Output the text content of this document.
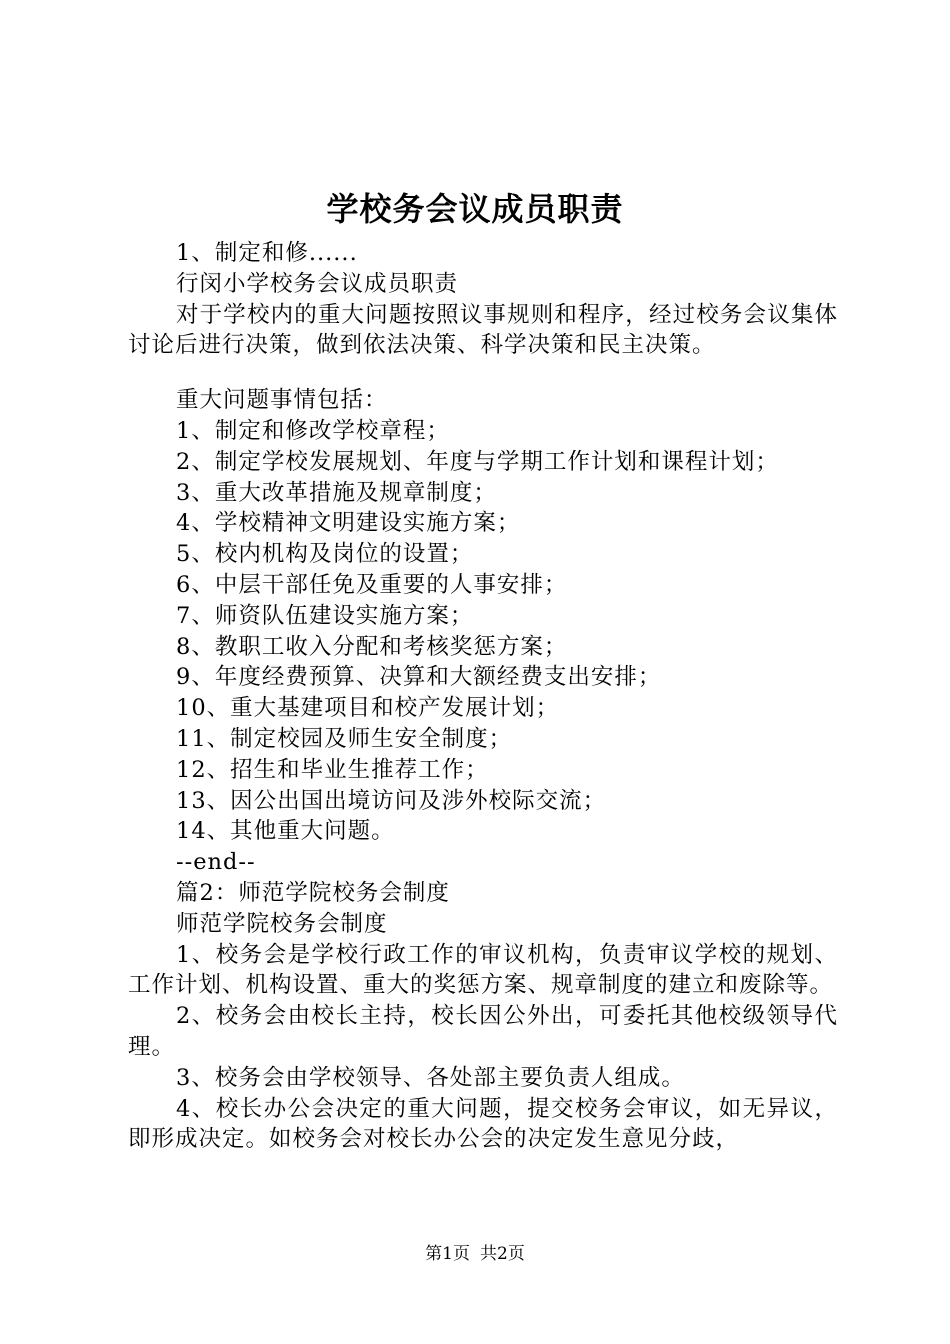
学校务会议成员职责

1、制定和修......

行闵小学校务会议成员职责

对于学校内的重大问题按照议事规则和程序，经过校务会议集体讨论后进行决策，做到依法决策、科学决策和民主决策。

重大问题事情包括：

1、制定和修改学校章程；

2、制定学校发展规划、年度与学期工作计划和课程计划；

3、重大改革措施及规章制度；

4、学校精神文明建设实施方案；

5、校内机构及岗位的设置；

6、中层干部任免及重要的人事安排；

7、师资队伍建设实施方案；

8、教职工收入分配和考核奖惩方案；

9、年度经费预算、决算和大额经费支出安排；

10、重大基建项目和校产发展计划；

11、制定校园及师生安全制度；

12、招生和毕业生推荐工作；

13、因公出国出境访问及涉外校际交流；

14、其他重大问题。

--end--

篇2：师范学院校务会制度

师范学院校务会制度

1、校务会是学校行政工作的审议机构，负责审议学校的规划、工作计划、机构设置、重大的奖惩方案、规章制度的建立和废除等。

2、校务会由校长主持，校长因公外出，可委托其他校级领导代理。

3、校务会由学校领导、各处部主要负责人组成。

4、校长办公会决定的重大问题，提交校务会审议，如无异议，即形成决定。如校务会对校长办公会的决定发生意见分歧，

第1页 共2页
